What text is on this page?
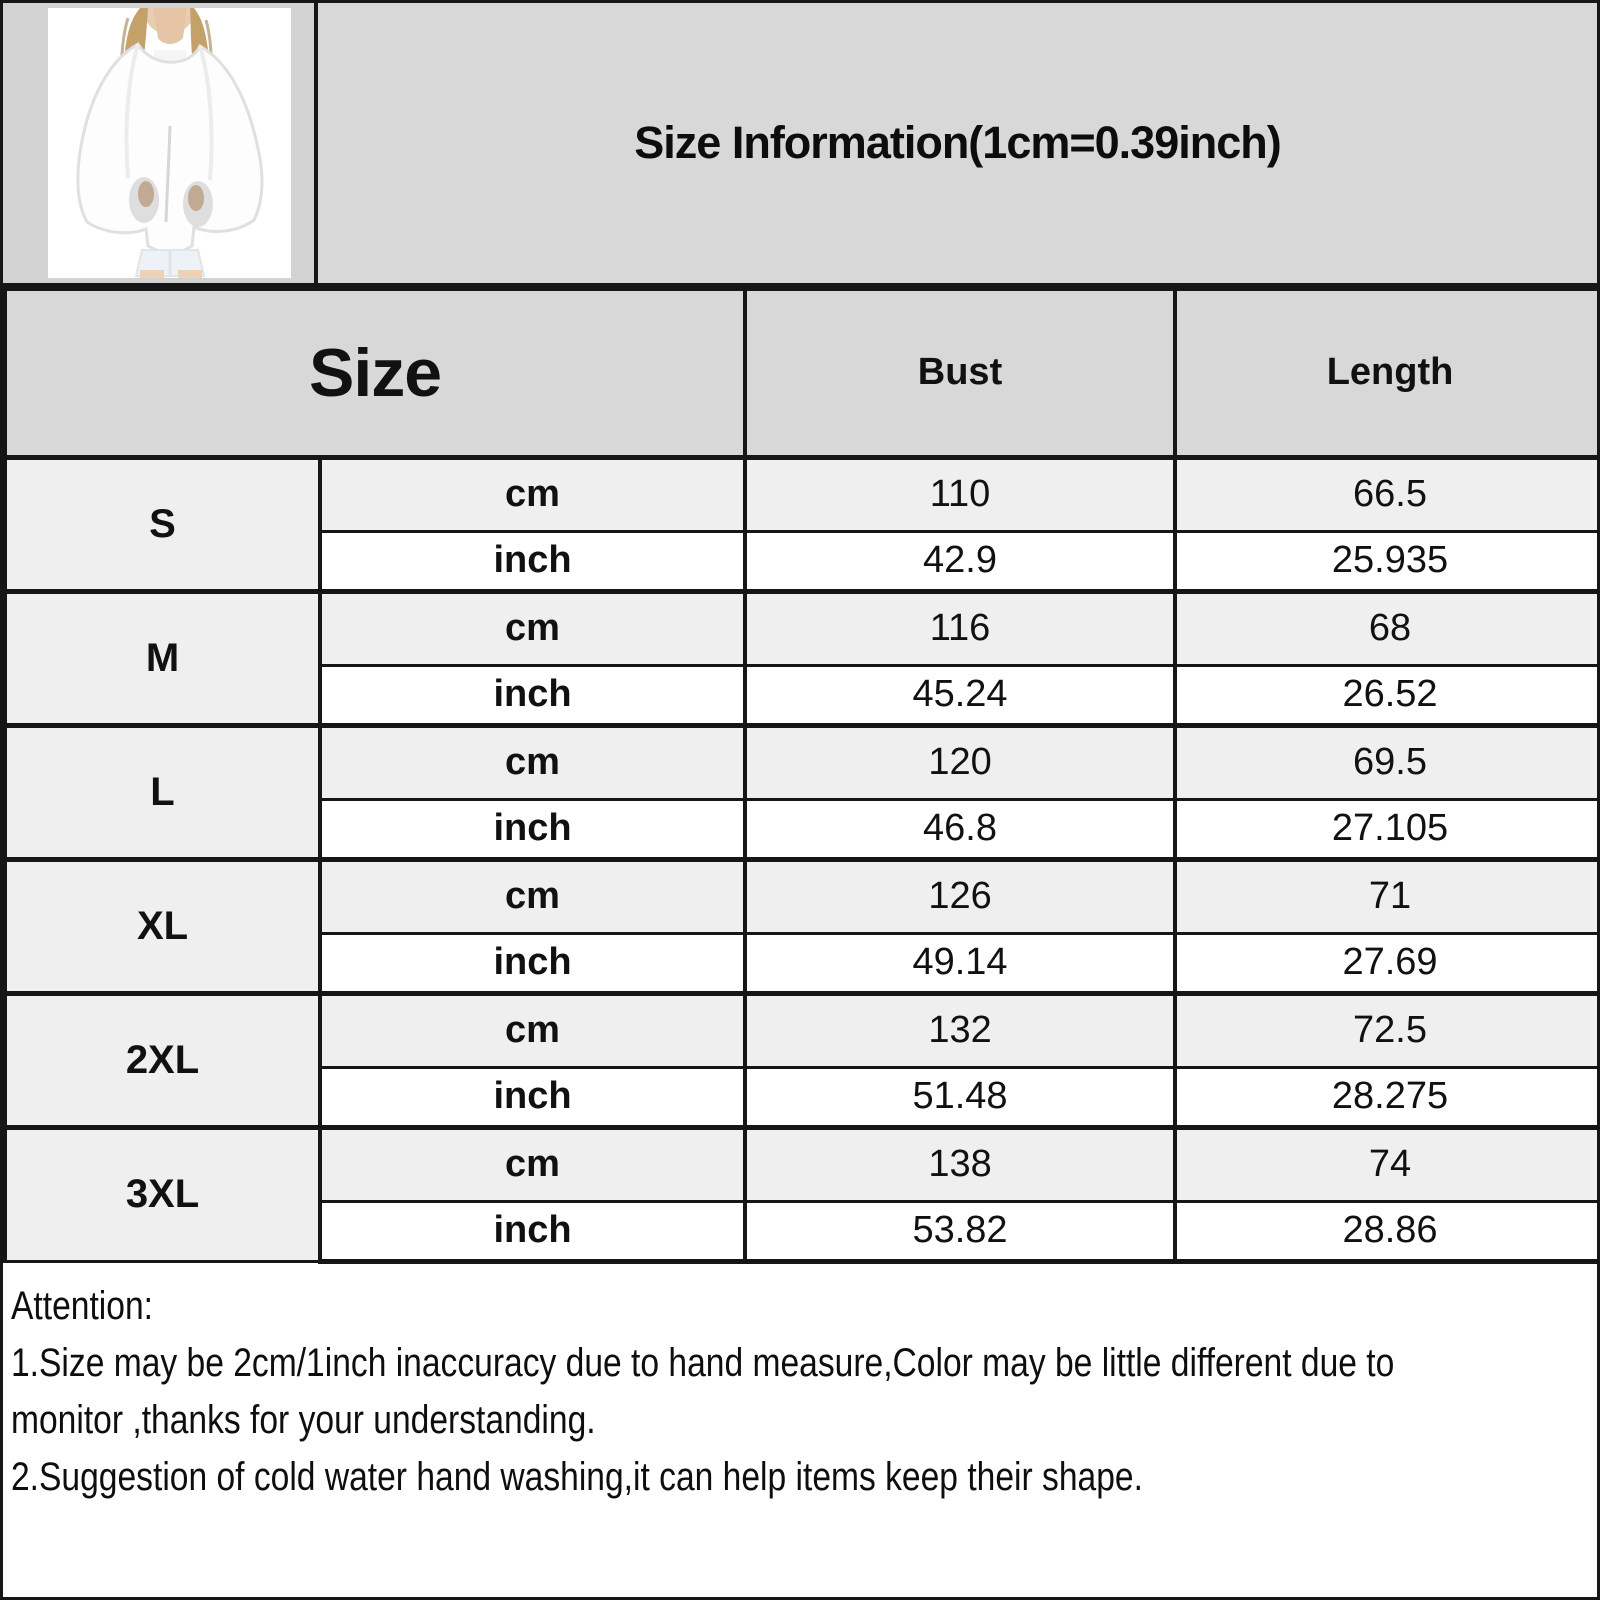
Size Information(1cm=0.39inch)
Size		Bust	Length
S	cm	110	66.5
	inch	42.9	25.935
M	cm	116	68
	inch	45.24	26.52
L	cm	120	69.5
	inch	46.8	27.105
XL	cm	126	71
	inch	49.14	27.69
2XL	cm	132	72.5
	inch	51.48	28.275
3XL	cm	138	74
	inch	53.82	28.86
Attention:
1.Size may be 2cm/1inch inaccuracy due to hand measure,Color may be little different due to
monitor ,thanks for your understanding.
2.Suggestion of cold water hand washing,it can help items keep their shape.
